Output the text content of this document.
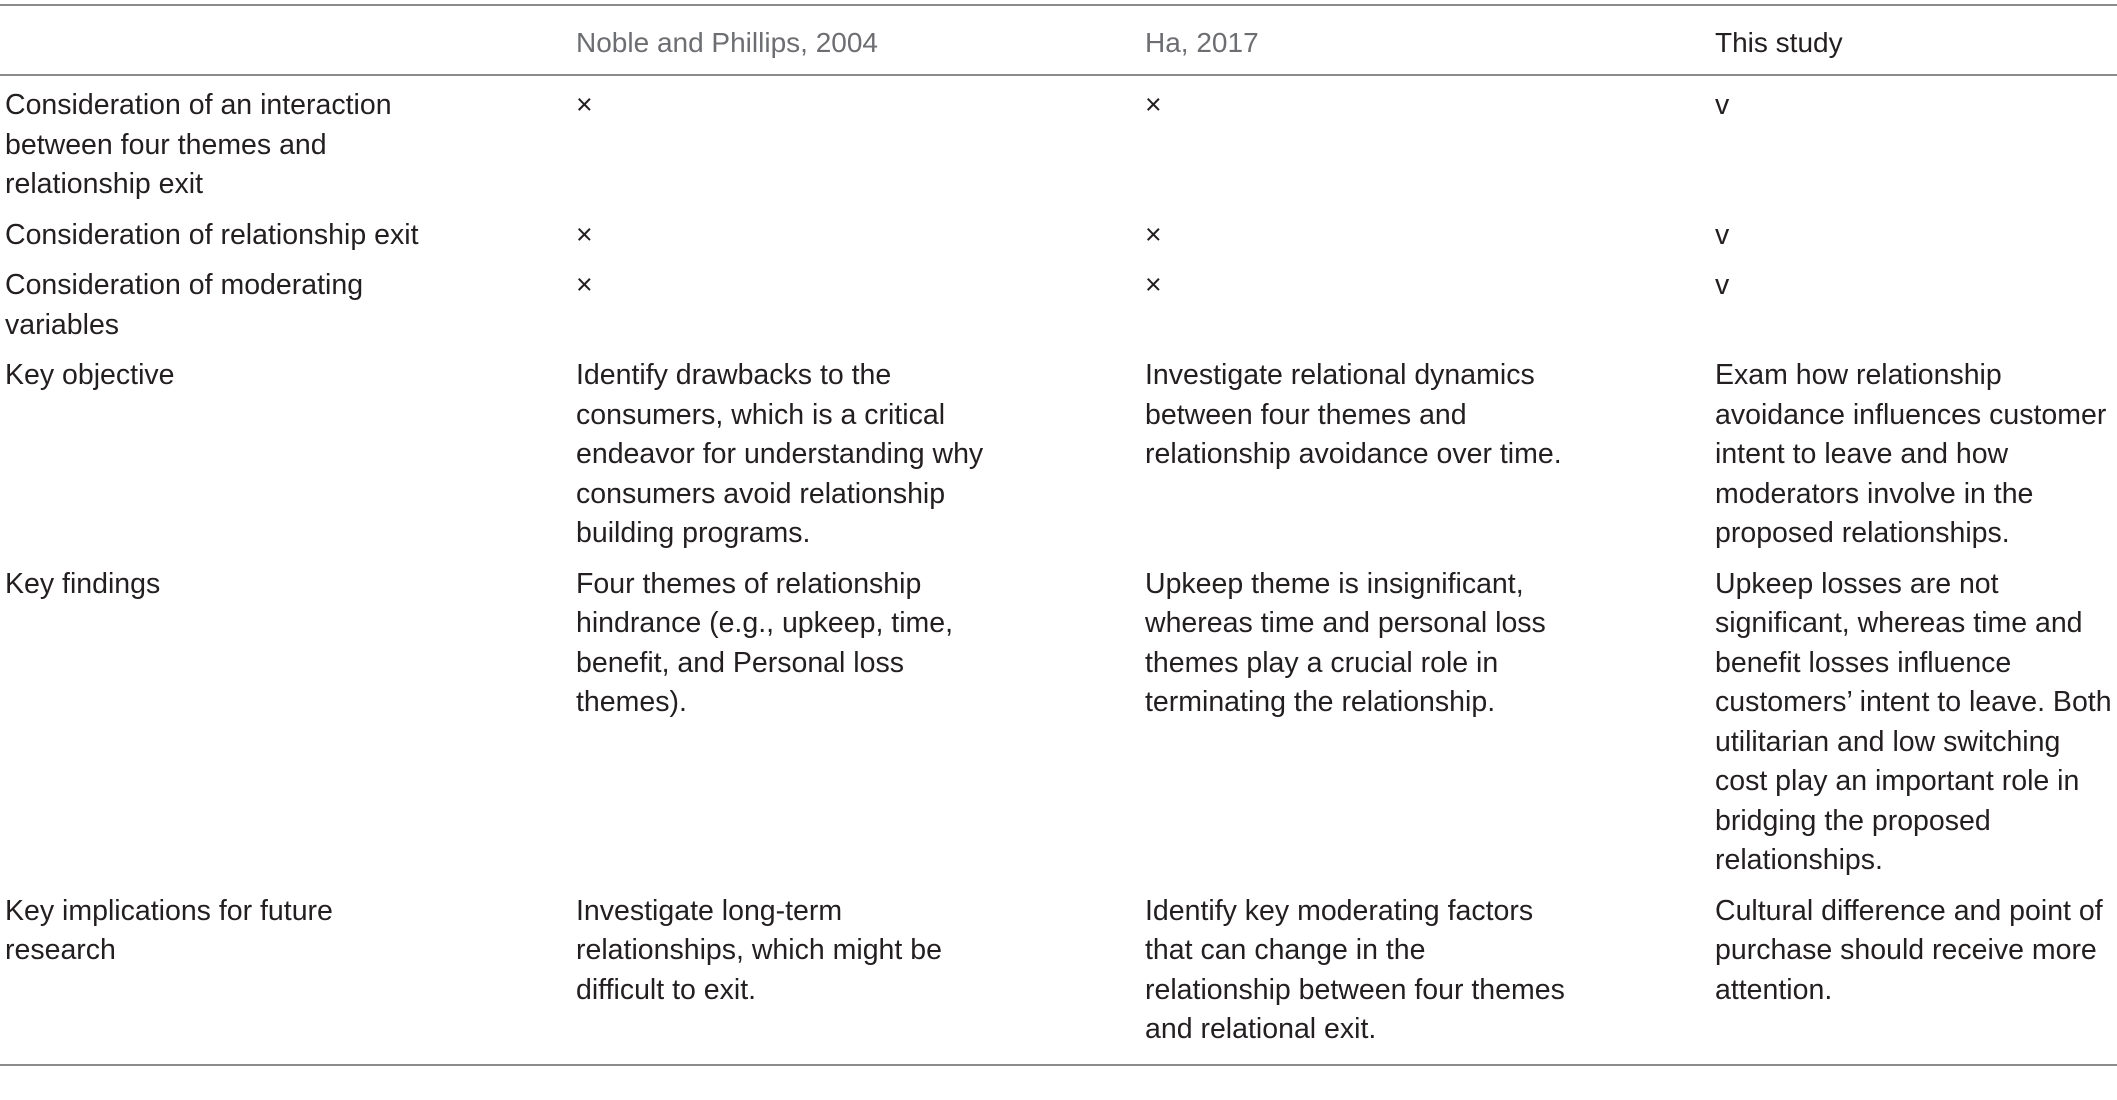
	Noble and Phillips, 2004	Ha, 2017	This study

Consideration of an interaction between four themes and relationship exit	×	×	v

Consideration of relationship exit	×	×	v

Consideration of moderating variables	×	×	v

Key objective	Identify drawbacks to the consumers, which is a critical endeavor for understanding why consumers avoid relationship building programs.	Investigate relational dynamics between four themes and relationship avoidance over time.	Exam how relationship avoidance influences customer intent to leave and how moderators involve in the proposed relationships.

Key findings	Four themes of relationship hindrance (e.g., upkeep, time, benefit, and Personal loss themes).	Upkeep theme is insignificant, whereas time and personal loss themes play a crucial role in terminating the relationship.	Upkeep losses are not significant, whereas time and benefit losses influence customers’ intent to leave. Both utilitarian and low switching cost play an important role in bridging the proposed relationships.

Key implications for future research	Investigate long-term relationships, which might be difficult to exit.	Identify key moderating factors that can change in the relationship between four themes and relational exit.	Cultural difference and point of purchase should receive more attention.
